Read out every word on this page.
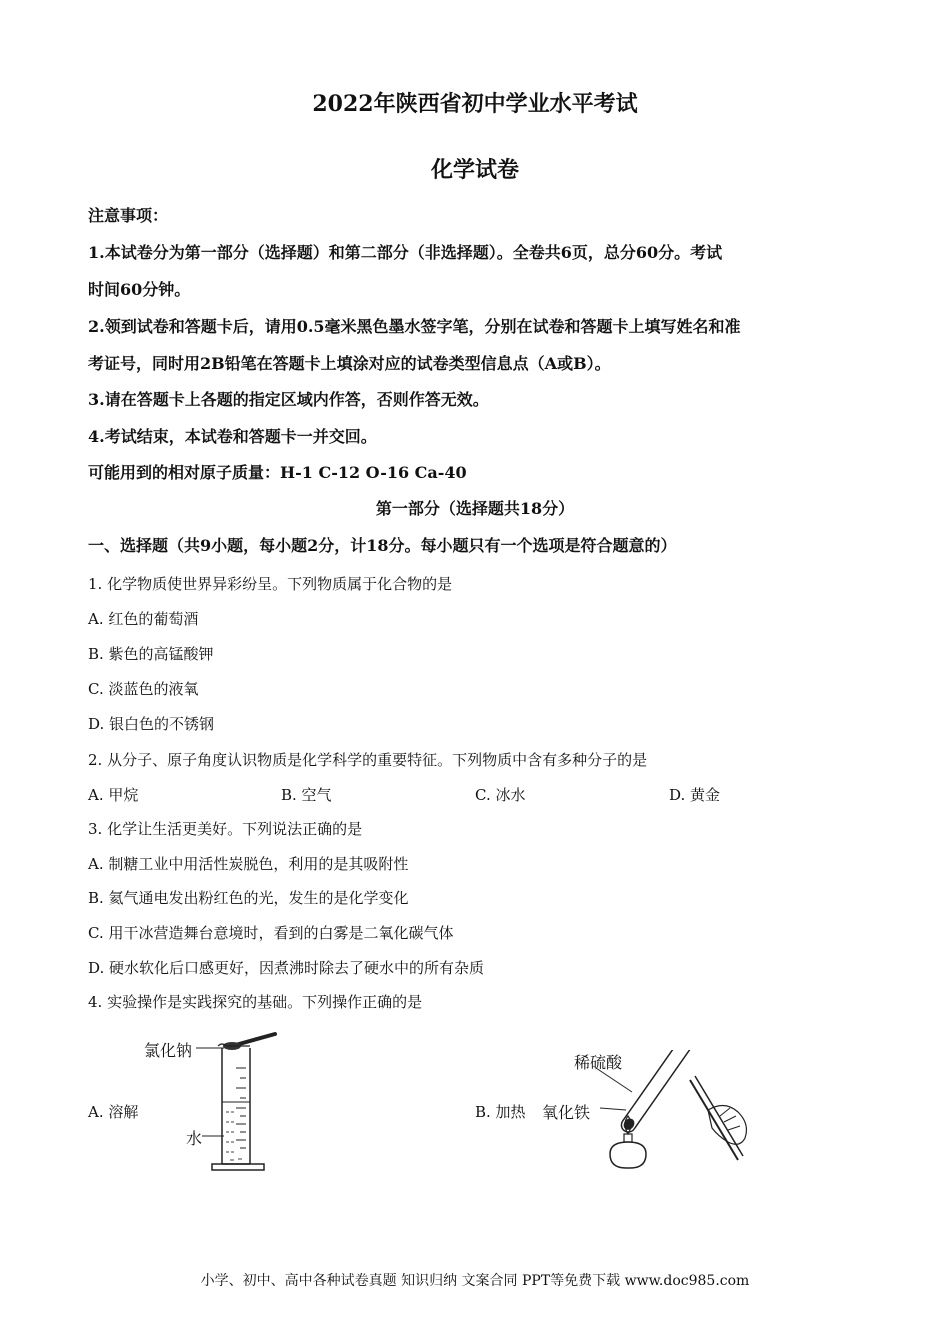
2022年陕西省初中学业水平考试
化学试卷
注意事项：
1.本试卷分为第一部分（选择题）和第二部分（非选择题）。全卷共6页，总分60分。考试
时间60分钟。
2.领到试卷和答题卡后，请用0.5毫米黑色墨水签字笔，分别在试卷和答题卡上填写姓名和准
考证号，同时用2B铅笔在答题卡上填涂对应的试卷类型信息点（A或B）。
3.请在答题卡上各题的指定区域内作答，否则作答无效。
4.考试结束，本试卷和答题卡一并交回。
可能用到的相对原子质量：H-1 C-12 O-16 Ca-40
第一部分（选择题共18分）
一、选择题（共9小题，每小题2分，计18分。每小题只有一个选项是符合题意的）
1. 化学物质使世界异彩纷呈。下列物质属于化合物的是
A. 红色的葡萄酒
B. 紫色的高锰酸钾
C. 淡蓝色的液氧
D. 银白色的不锈钢
2. 从分子、原子角度认识物质是化学科学的重要特征。下列物质中含有多种分子的是
A. 甲烷	B. 空气	C. 冰水	D. 黄金
3. 化学让生活更美好。下列说法正确的是
A. 制糖工业中用活性炭脱色，利用的是其吸附性
B. 氦气通电发出粉红色的光，发生的是化学变化
C. 用干冰营造舞台意境时，看到的白雾是二氧化碳气体
D. 硬水软化后口感更好，因煮沸时除去了硬水中的所有杂质
4. 实验操作是实践探究的基础。下列操作正确的是
A. 溶解	B. 加热
氯化钠
水
稀硫酸
氧化铁
小学、初中、高中各种试卷真题 知识归纳 文案合同 PPT等免费下载 www.doc985.com
